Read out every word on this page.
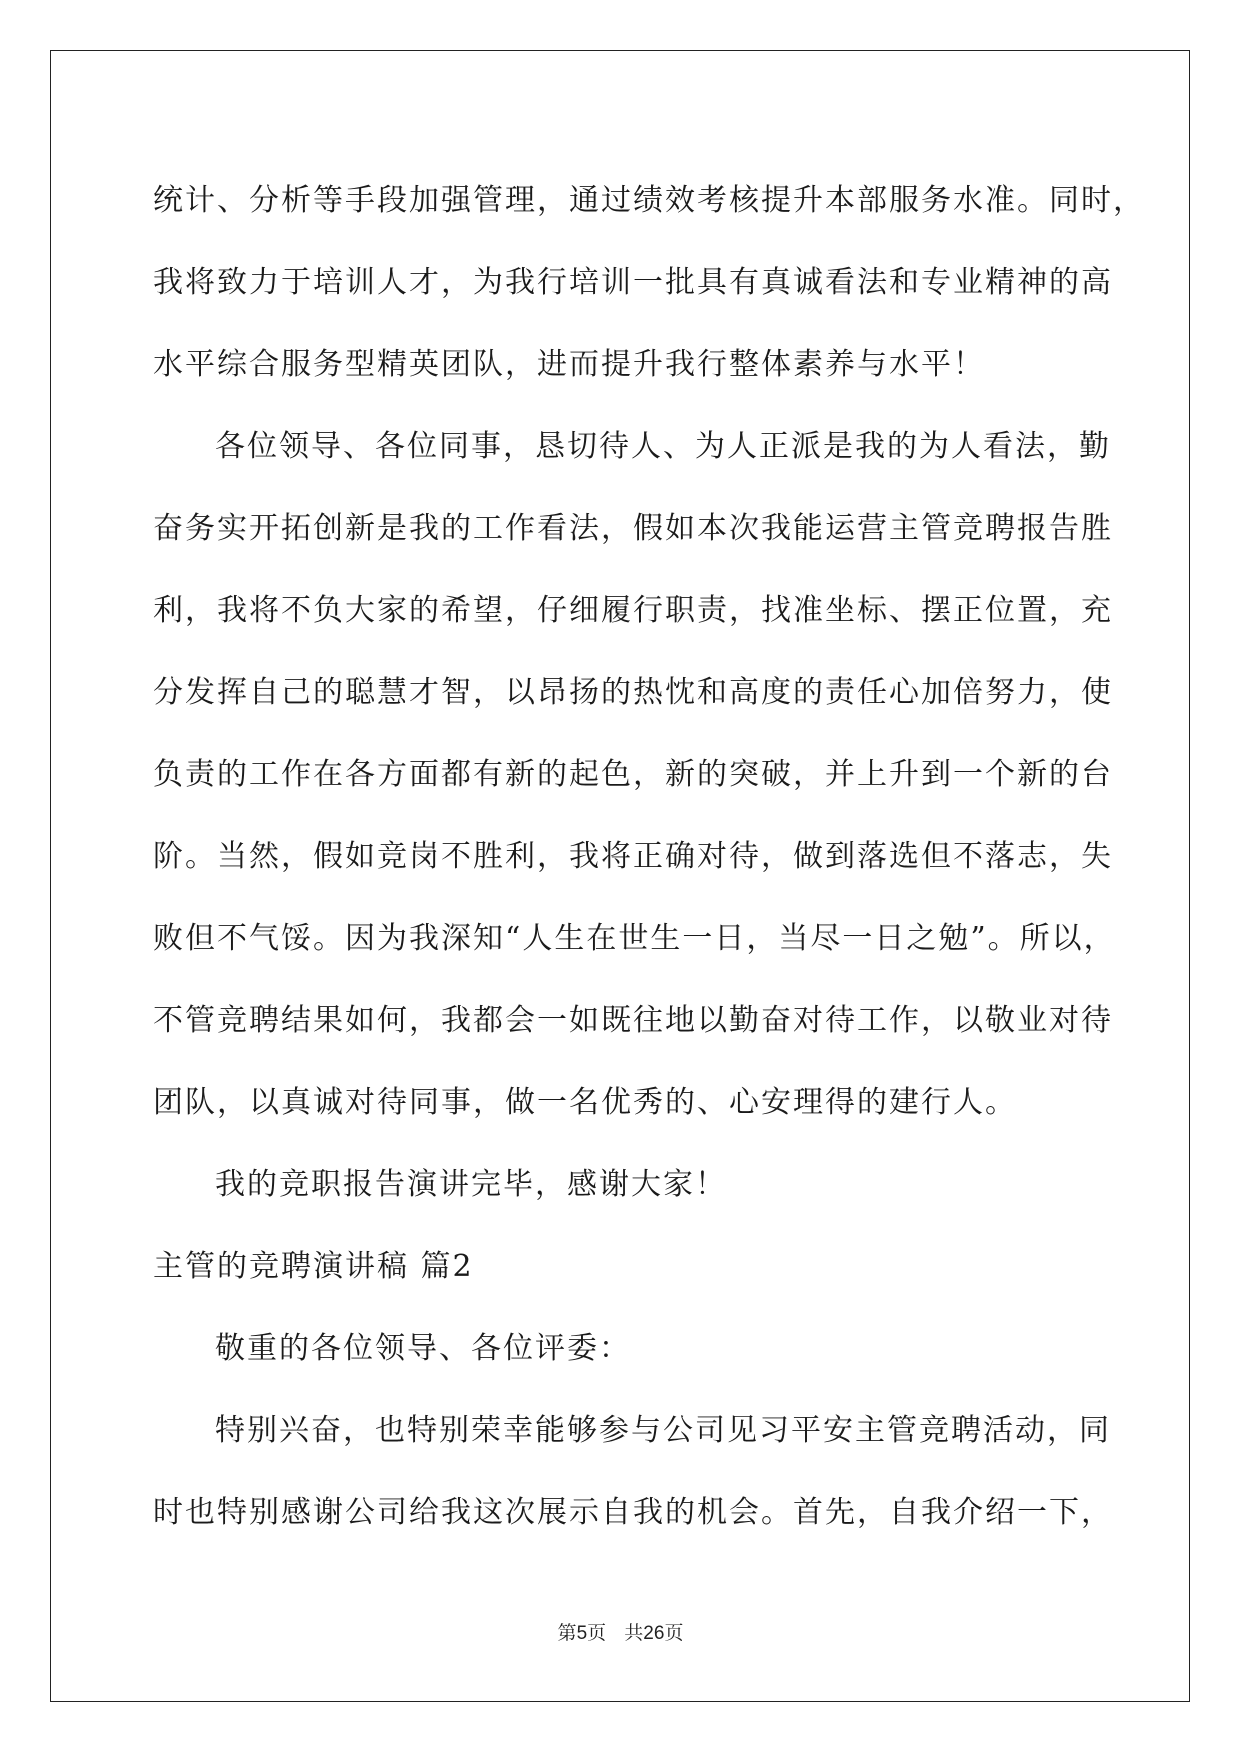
统计、分析等手段加强管理，通过绩效考核提升本部服务水准。同时，
我将致力于培训人才，为我行培训一批具有真诚看法和专业精神的高
水平综合服务型精英团队，进而提升我行整体素养与水平！
各位领导、各位同事，恳切待人、为人正派是我的为人看法，勤
奋务实开拓创新是我的工作看法，假如本次我能运营主管竞聘报告胜
利，我将不负大家的希望，仔细履行职责，找准坐标、摆正位置，充
分发挥自己的聪慧才智，以昂扬的热忱和高度的责任心加倍努力，使
负责的工作在各方面都有新的起色，新的突破，并上升到一个新的台
阶。当然，假如竞岗不胜利，我将正确对待，做到落选但不落志，失
败但不气馁。因为我深知“人生在世生一日，当尽一日之勉”。所以，
不管竞聘结果如何，我都会一如既往地以勤奋对待工作，以敬业对待
团队，以真诚对待同事，做一名优秀的、心安理得的建行人。
我的竞职报告演讲完毕，感谢大家！
主管的竞聘演讲稿 篇2
敬重的各位领导、各位评委：
特别兴奋，也特别荣幸能够参与公司见习平安主管竞聘活动，同
时也特别感谢公司给我这次展示自我的机会。首先，自我介绍一下，
第5页 共26页
